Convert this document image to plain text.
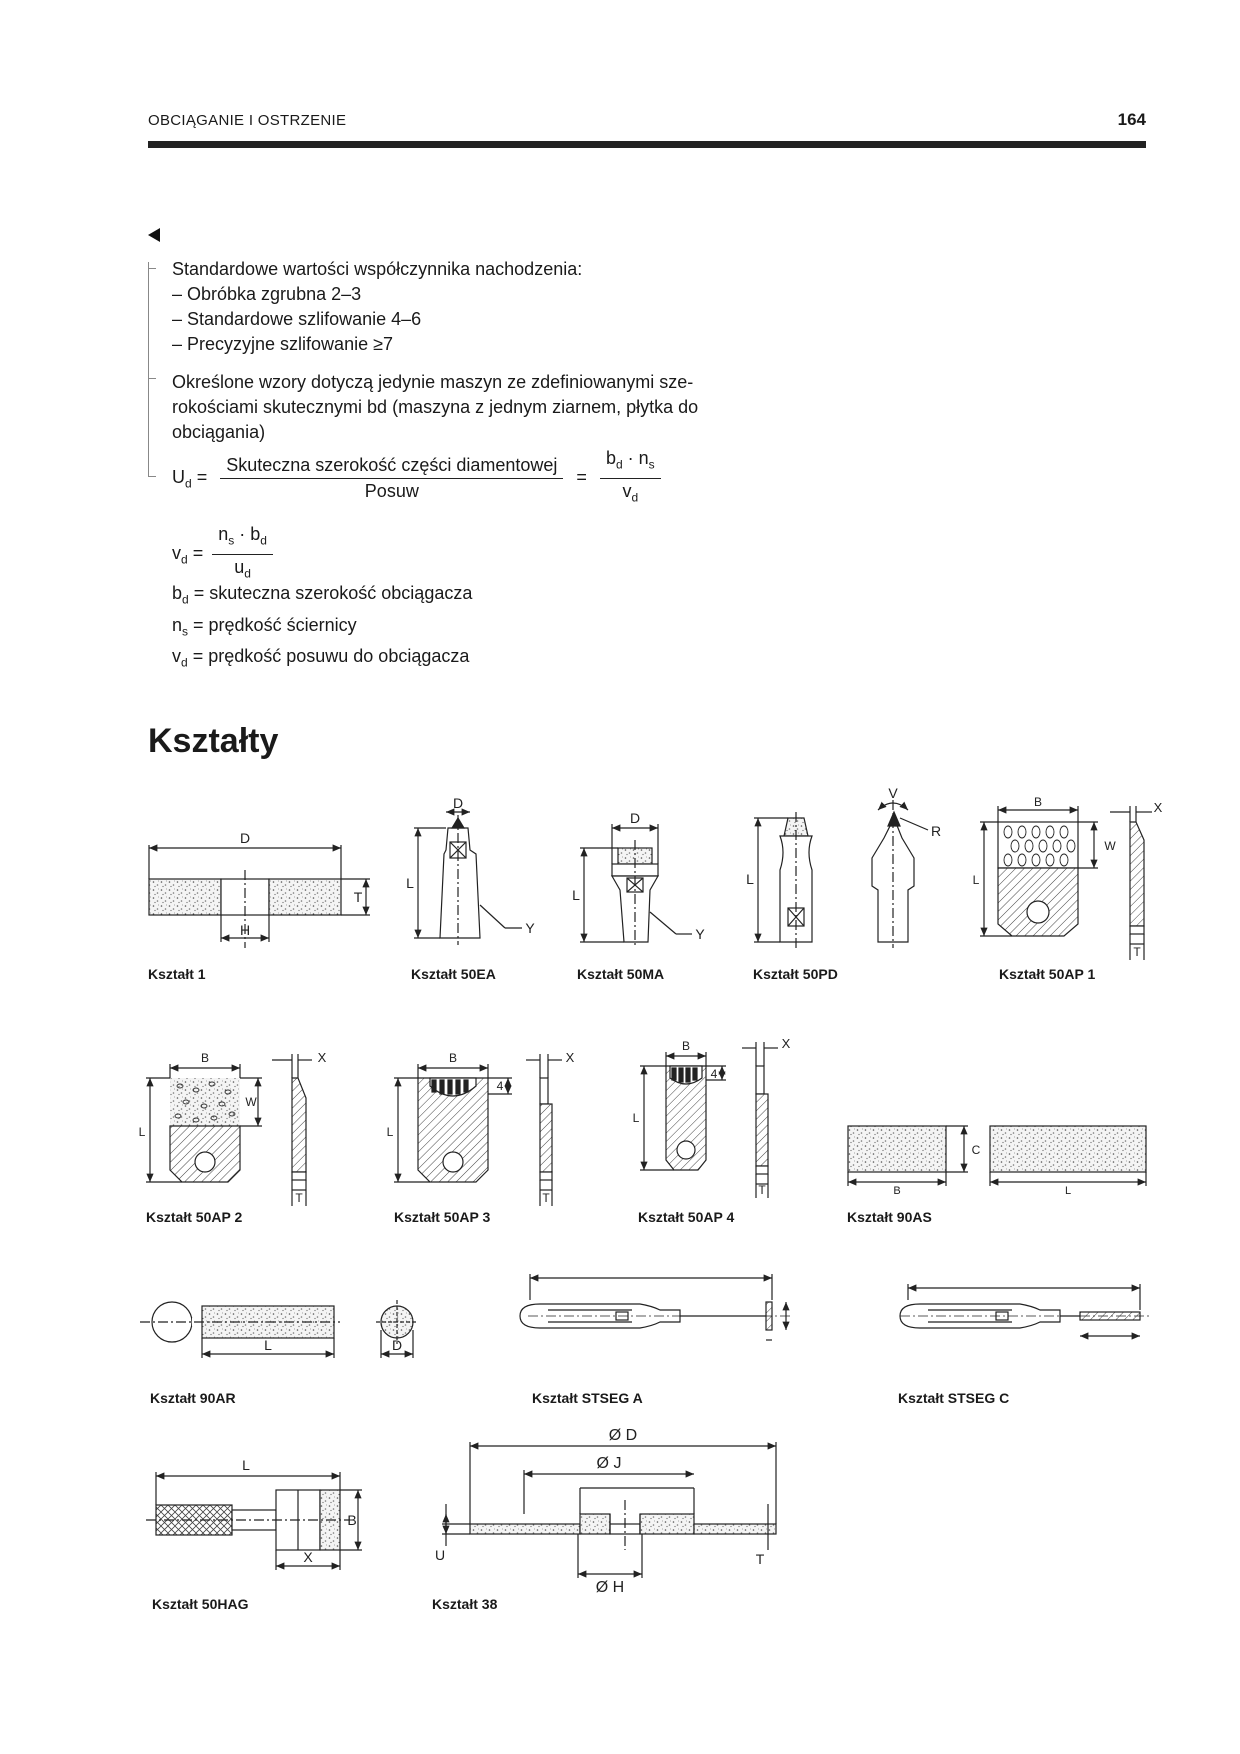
OBCIĄGANIE I OSTRZENIE	164
Standardowe wartości współczynnika nachodzenia:
– Obróbka zgrubna 2–3
– Standardowe szlifowanie 4–6
– Precyzyjne szlifowanie ≥7
Określone wzory dotyczą jedynie maszyn ze zdefiniowanymi sze-
rokościami skutecznymi bd (maszyna z jednym ziarnem, płytka do
obciągania)
$U_d = \frac{\text{Skuteczna szerokość części diamentowej}}{\text{Posuw}} = \frac{b_d \cdot n_s}{v_d}$
$v_d = \frac{n_s \cdot b_d}{u_d}$
$b_d$ = skuteczna szerokość obciągacza
$n_s$ = prędkość ściernicy
$v_d$ = prędkość posuwu do obciągacza
Kształty
D
H
T
D
L
Y
D
L
Y
L
V
R
B
W
L
X
T
B
W
L
X
T
B
4
L
X
T
B
4
L
X
T	B
C
L
L	D
L
B
X
Ø D
Ø J
Ø H
U	T
Kształt 1	Kształt 50EA	Kształt 50MA	Kształt 50PD	Kształt 50AP 1
Kształt 50AP 2	Kształt 50AP 3	Kształt 50AP 4	Kształt 90AS
Kształt 90AR	Kształt STSEG A	Kształt STSEG C
Kształt 50HAG	Kształt 38
